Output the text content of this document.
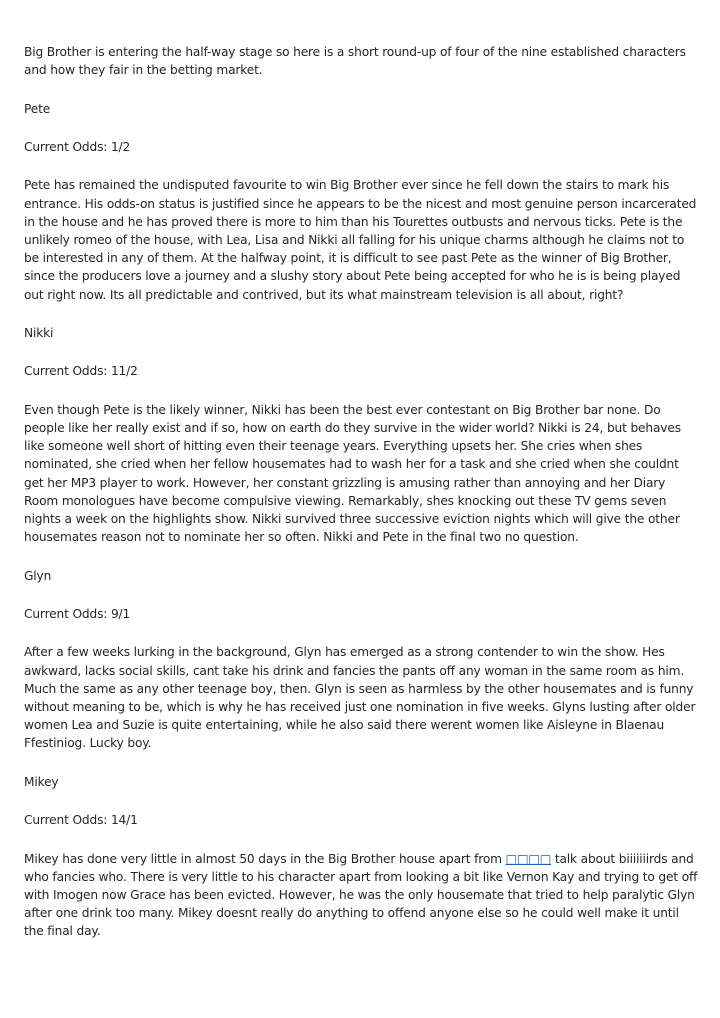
Big Brother is entering the half-way stage so here is a short round-up of four of the nine established characters and how they fair in the betting market.

Pete

Current Odds: 1/2

Pete has remained the undisputed favourite to win Big Brother ever since he fell down the stairs to mark his entrance. His odds-on status is justified since he appears to be the nicest and most genuine person incarcerated in the house and he has proved there is more to him than his Tourettes outbusts and nervous ticks. Pete is the unlikely romeo of the house, with Lea, Lisa and Nikki all falling for his unique charms although he claims not to be interested in any of them. At the halfway point, it is difficult to see past Pete as the winner of Big Brother, since the producers love a journey and a slushy story about Pete being accepted for who he is is being played out right now. Its all predictable and contrived, but its what mainstream television is all about, right?

Nikki

Current Odds: 11/2

Even though Pete is the likely winner, Nikki has been the best ever contestant on Big Brother bar none. Do people like her really exist and if so, how on earth do they survive in the wider world? Nikki is 24, but behaves like someone well short of hitting even their teenage years. Everything upsets her. She cries when shes nominated, she cried when her fellow housemates had to wash her for a task and she cried when she couldnt get her MP3 player to work. However, her constant grizzling is amusing rather than annoying and her Diary Room monologues have become compulsive viewing. Remarkably, shes knocking out these TV gems seven nights a week on the highlights show. Nikki survived three successive eviction nights which will give the other housemates reason not to nominate her so often. Nikki and Pete in the final two no question.

Glyn

Current Odds: 9/1

After a few weeks lurking in the background, Glyn has emerged as a strong contender to win the show. Hes awkward, lacks social skills, cant take his drink and fancies the pants off any woman in the same room as him. Much the same as any other teenage boy, then. Glyn is seen as harmless by the other housemates and is funny without meaning to be, which is why he has received just one nomination in five weeks. Glyns lusting after older women Lea and Suzie is quite entertaining, while he also said there werent women like Aisleyne in Blaenau Ffestiniog. Lucky boy.

Mikey

Current Odds: 14/1

Mikey has done very little in almost 50 days in the Big Brother house apart from □□□□ talk about biiiiiiirds and who fancies who. There is very little to his character apart from looking a bit like Vernon Kay and trying to get off with Imogen now Grace has been evicted. However, he was the only housemate that tried to help paralytic Glyn after one drink too many. Mikey doesnt really do anything to offend anyone else so he could well make it until the final day.
